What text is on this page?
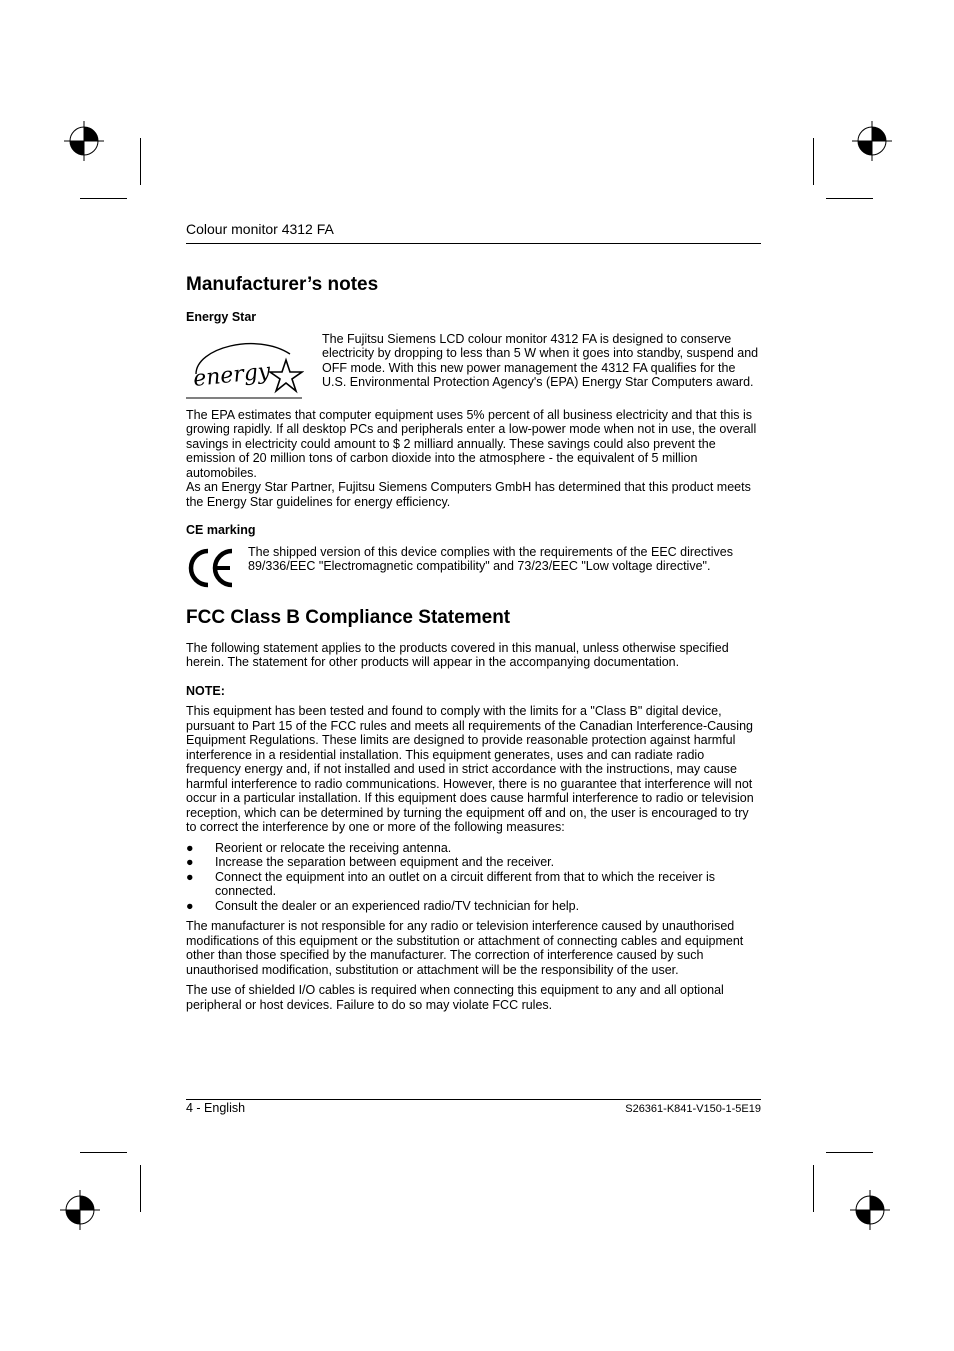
Colour monitor 4312 FA
Manufacturer’s notes
Energy Star
energy

The Fujitsu Siemens LCD colour monitor 4312 FA is designed to conserve electricity by dropping to less than 5 W when it goes into standby, suspend and OFF mode. With this new power management the 4312 FA qualifies for the U.S. Environmental Protection Agency's (EPA) Energy Star Computers award.

The EPA estimates that computer equipment uses 5% percent of all business electricity and that this is growing rapidly. If all desktop PCs and peripherals enter a low-power mode when not in use, the overall savings in electricity could amount to $ 2 milliard annually. These savings could also prevent the emission of 20 million tons of carbon dioxide into the atmosphere - the equivalent of 5 million automobiles.

As an Energy Star Partner, Fujitsu Siemens Computers GmbH has determined that this product meets the Energy Star guidelines for energy efficiency.

CE marking

The shipped version of this device complies with the requirements of the EEC directives 89/336/EEC "Electromagnetic compatibility" and 73/23/EEC "Low voltage directive".

FCC Class B Compliance Statement

The following statement applies to the products covered in this manual, unless otherwise specified herein. The statement for other products will appear in the accompanying documentation.

NOTE:

This equipment has been tested and found to comply with the limits for a "Class B" digital device, pursuant to Part 15 of the FCC rules and meets all requirements of the Canadian Interference-Causing Equipment Regulations. These limits are designed to provide reasonable protection against harmful interference in a residential installation. This equipment generates, uses and can radiate radio frequency energy and, if not installed and used in strict accordance with the instructions, may cause harmful interference to radio communications. However, there is no guarantee that interference will not occur in a particular installation. If this equipment does cause harmful interference to radio or television reception, which can be determined by turning the equipment off and on, the user is encouraged to try to correct the interference by one or more of the following measures:

● Reorient or relocate the receiving antenna.
● Increase the separation between equipment and the receiver.
● Connect the equipment into an outlet on a circuit different from that to which the receiver is connected.
● Consult the dealer or an experienced radio/TV technician for help.

The manufacturer is not responsible for any radio or television interference caused by unauthorised modifications of this equipment or the substitution or attachment of connecting cables and equipment other than those specified by the manufacturer. The correction of interference caused by such unauthorised modification, substitution or attachment will be the responsibility of the user.

The use of shielded I/O cables is required when connecting this equipment to any and all optional peripheral or host devices. Failure to do so may violate FCC rules.

4 - English	S26361-K841-V150-1-5E19
